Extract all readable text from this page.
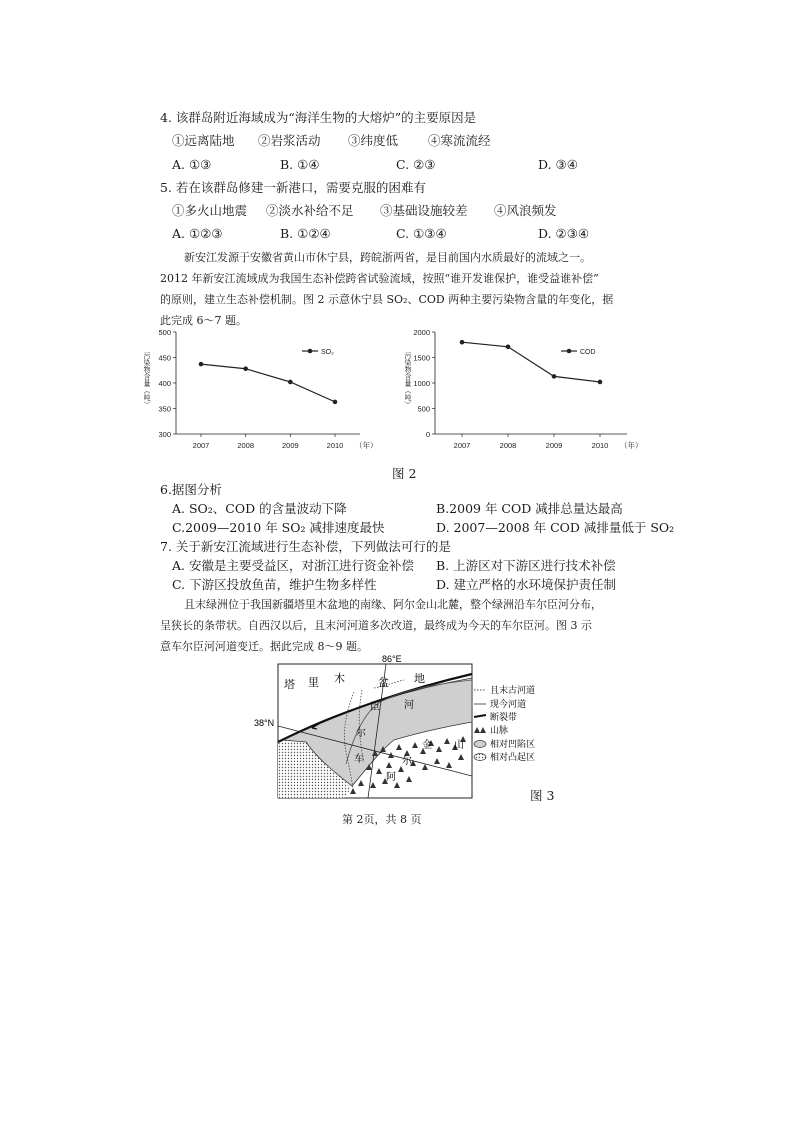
4. 该群岛附近海域成为“海洋生物的大熔炉”的主要原因是
①远离陆地 ②岩浆活动 ③纬度低 ④寒流流经
A. ①③	B. ①④	C. ②③	D. ③④
5. 若在该群岛修建一新港口，需要克服的困难有
①多火山地震 ②淡水补给不足 ③基础设施较差 ④风浪频发
A. ①②③	B. ①②④	C. ①③④	D. ②③④
新安江发源于安徽省黄山市休宁县，跨皖浙两省，是目前国内水质最好的流域之一。
2012 年新安江流域成为我国生态补偿跨省试验流域，按照“谁开发谁保护，谁受益谁补偿”
的原则，建立生态补偿机制。图 2 示意休宁县 SO₂、COD 两种主要污染物含量的年变化，据
此完成 6～7 题。
污染物含量（吨）	污染物含量（吨）
300
350
400
450
500
2007	2008	2009	2010 （年）
SO₂
0
500
1000
1500
2000
2007	2008	2009	2010 （年）
COD
图 2
6.据图分析
A. SO₂、COD 的含量波动下降	B.2009 年 COD 减排总量达最高
C.2009—2010 年 SO₂ 减排速度最快	D. 2007—2008 年 COD 减排量低于 SO₂
7. 关于新安江流域进行生态补偿，下列做法可行的是
A. 安徽是主要受益区，对浙江进行资金补偿 B. 上游区对下游区进行技术补偿
C. 下游区投放鱼苗，维护生物多样性	D. 建立严格的水环境保护责任制
且末绿洲位于我国新疆塔里木盆地的南缘、阿尔金山北麓，整个绿洲沿车尔臣河分布，
呈狭长的条带状。自西汉以后，且末河河道多次改道，最终成为今天的车尔臣河。图 3 示
意车尔臣河河道变迁。据此完成 8～9 题。
塔 里 木	盆 地
臣 河
尔
车
金 山
尔
阿
86°E
38°N
且末古河道
现今河道
断裂带
山脉
相对凹陷区
相对凸起区
图 3
第 2页，共 8 页
